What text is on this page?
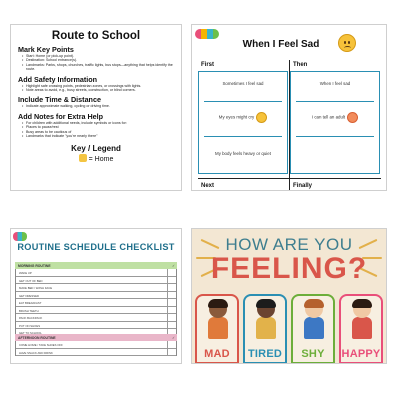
Route to School
Mark Key Points
• Start: Home (or pick-up point).
• Destination: School entrance(s).
• Landmarks: Parks, shops, churches, traffic lights, bus stops—anything that helps identify the route.
Add Safety Information
• Highlight safe crossing points, pedestrian zones, or crossings with lights.
• Note areas to avoid, e.g., busy streets, construction, or blind corners.
Include Time & Distance
• Indicate approximate walking, cycling or driving time.
Add Notes for Extra Help
• For children with additional needs, include symbols or icons for:
• Places to pause/rest
• Busy areas to be cautious of
• Landmarks that indicate "you're nearly there"
Key / Legend
= Home
When I Feel Sad
First	Then
Sometimes I feel sad
My eyes might cry
My body feels heavy or quiet
When I feel sad
I can tell an adult
Next	Finally
ROUTINE SCHEDULE CHECKLIST
MORNING ROUTINE	✓
WAKE UP
GET OUT OF BED
MAKE BED / WASH FACE
GET DRESSED
EAT BREAKFAST
BRUSH TEETH
PACK BACKPACK
PUT ON SHOES
AFTERNOON ROUTINE	✓
COME HOME / TAKE SHOES OFF
HAVE SNACK AND DRINK
HOW ARE YOU
FEELING?
MAD	TIRED	SHY	HAPPY
